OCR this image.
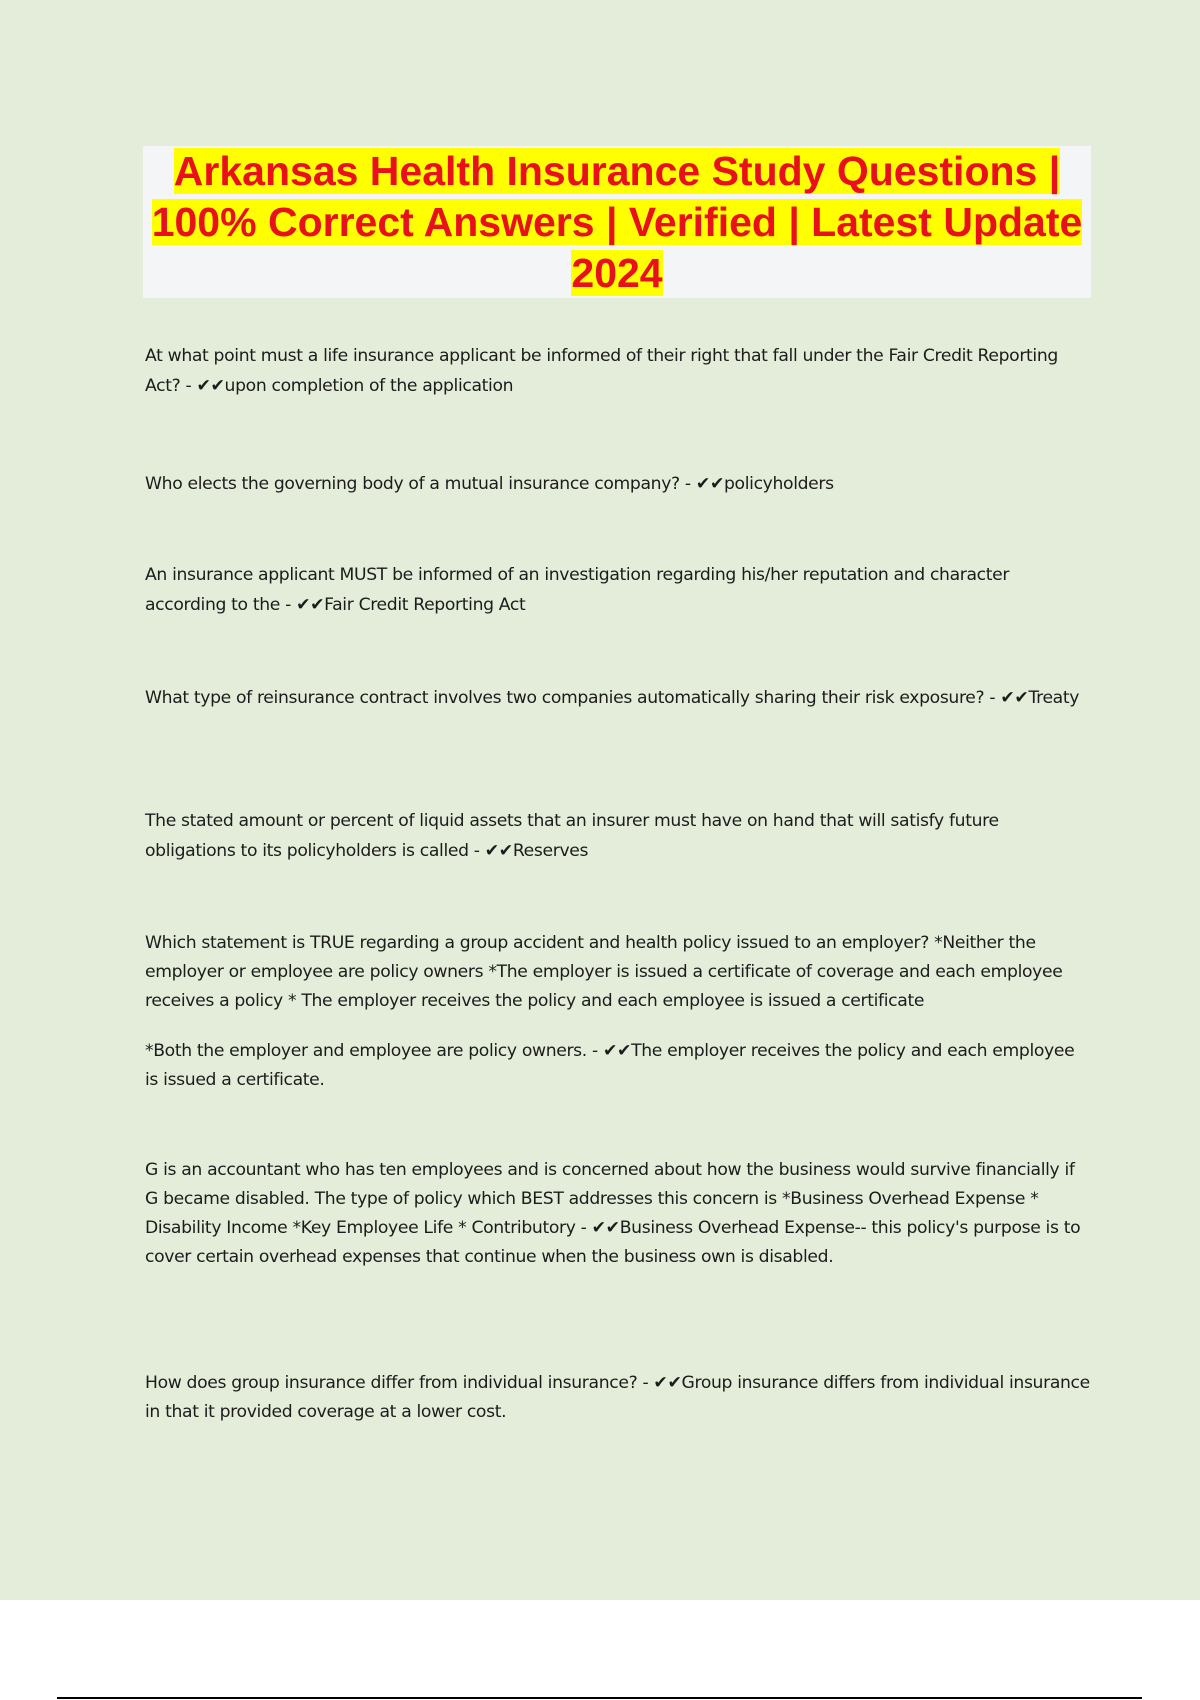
Arkansas Health Insurance Study Questions | 100% Correct Answers | Verified | Latest Update 2024

At what point must a life insurance applicant be informed of their right that fall under the Fair Credit Reporting Act? - ✔✔upon completion of the application

Who elects the governing body of a mutual insurance company? - ✔✔policyholders

An insurance applicant MUST be informed of an investigation regarding his/her reputation and character according to the - ✔✔Fair Credit Reporting Act

What type of reinsurance contract involves two companies automatically sharing their risk exposure? - ✔✔Treaty

The stated amount or percent of liquid assets that an insurer must have on hand that will satisfy future obligations to its policyholders is called - ✔✔Reserves

Which statement is TRUE regarding a group accident and health policy issued to an employer? *Neither the employer or employee are policy owners *The employer is issued a certificate of coverage and each employee receives a policy * The employer receives the policy and each employee is issued a certificate

*Both the employer and employee are policy owners. - ✔✔The employer receives the policy and each employee is issued a certificate.

G is an accountant who has ten employees and is concerned about how the business would survive financially if G became disabled. The type of policy which BEST addresses this concern is *Business Overhead Expense * Disability Income *Key Employee Life * Contributory - ✔✔Business Overhead Expense-- this policy's purpose is to cover certain overhead expenses that continue when the business own is disabled.

How does group insurance differ from individual insurance? - ✔✔Group insurance differs from individual insurance in that it provided coverage at a lower cost.
